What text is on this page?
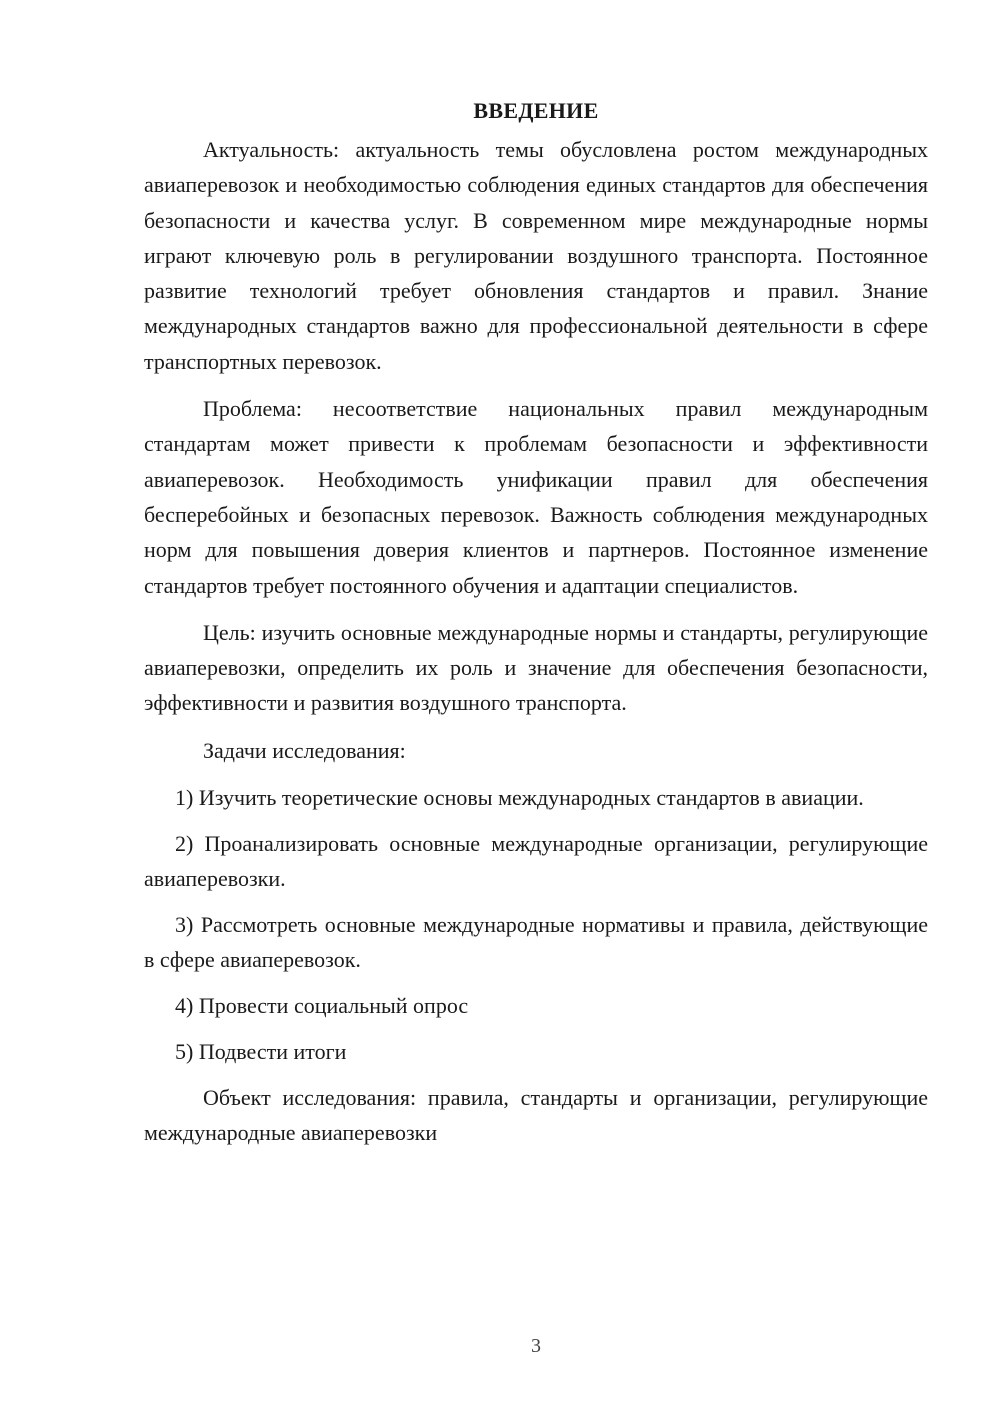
ВВЕДЕНИЕ

Актуальность: актуальность темы обусловлена ростом международных авиаперевозок и необходимостью соблюдения единых стандартов для обеспечения безопасности и качества услуг. В современном мире международные нормы играют ключевую роль в регулировании воздушного транспорта. Постоянное развитие технологий требует обновления стандартов и правил. Знание международных стандартов важно для профессиональной деятельности в сфере транспортных перевозок.

Проблема: несоответствие национальных правил международным стандартам может привести к проблемам безопасности и эффективности авиаперевозок. Необходимость унификации правил для обеспечения бесперебойных и безопасных перевозок. Важность соблюдения международных норм для повышения доверия клиентов и партнеров. Постоянное изменение стандартов требует постоянного обучения и адаптации специалистов.

Цель: изучить основные международные нормы и стандарты, регулирующие авиаперевозки, определить их роль и значение для обеспечения безопасности, эффективности и развития воздушного транспорта.

Задачи исследования:

1) Изучить теоретические основы международных стандартов в авиации.

2) Проанализировать основные международные организации, регулирующие авиаперевозки.

3) Рассмотреть основные международные нормативы и правила, действующие в сфере авиаперевозок.

4) Провести социальный опрос

5) Подвести итоги

Объект исследования: правила, стандарты и организации, регулирующие международные авиаперевозки

3
